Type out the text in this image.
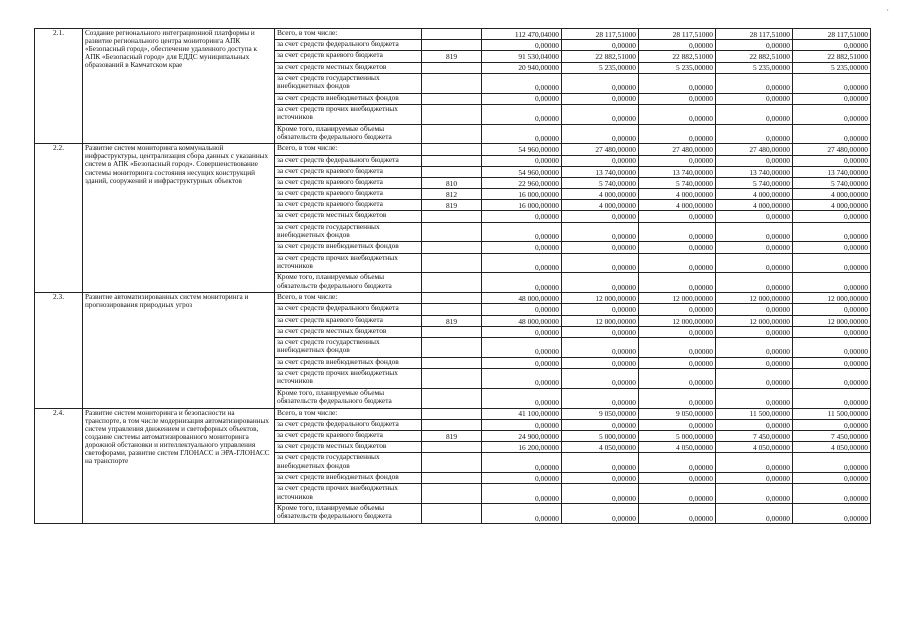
·
2.1.	Создание регионального интеграционной платформы и развитие регионального центра мониторинга АПК «Безопасный город», обеспечение удаленного доступа к АПК «Безопасный город» для ЕДДС муниципальных образований в Камчатском крае	Всего, в том числе:		112 470,04000	28 117,51000	28 117,51000	28 117,51000	28 117,51000
		за счет средств федерального бюджета		0,00000	0,00000	0,00000	0,00000	0,00000
		за счет средств краевого бюджета	819	91 530,04000	22 882,51000	22 882,51000	22 882,51000	22 882,51000
		за счет средств местных бюджетов		20 940,00000	5 235,00000	5 235,00000	5 235,00000	5 235,00000
		за счет средств государственных внебюджетных фондов		0,00000	0,00000	0,00000	0,00000	0,00000
		за счет средств внебюджетных фондов		0,00000	0,00000	0,00000	0,00000	0,00000
		за счет средств прочих внебюджетных источников		0,00000	0,00000	0,00000	0,00000	0,00000
		Кроме того, планируемые объемы обязательств федерального бюджета		0,00000	0,00000	0,00000	0,00000	0,00000
2.2.	Развитие систем мониторинга коммунальной инфраструктуры, централизация сбора данных с указанных систем в АПК «Безопасный город». Совершенствование системы мониторинга состояния несущих конструкций зданий, сооружений и инфраструктурных объектов	Всего, в том числе:		54 960,00000	27 480,00000	27 480,00000	27 480,00000	27 480,00000
		за счет средств федерального бюджета		0,00000	0,00000	0,00000	0,00000	0,00000
		за счет средств краевого бюджета		54 960,00000	13 740,00000	13 740,00000	13 740,00000	13 740,00000
		за счет средств краевого бюджета	810	22 960,00000	5 740,00000	5 740,00000	5 740,00000	5 740,00000
		за счет средств краевого бюджета	812	16 000,00000	4 000,00000	4 000,00000	4 000,00000	4 000,00000
		за счет средств краевого бюджета	819	16 000,00000	4 000,00000	4 000,00000	4 000,00000	4 000,00000
		за счет средств местных бюджетов		0,00000	0,00000	0,00000	0,00000	0,00000
		за счет средств государственных внебюджетных фондов		0,00000	0,00000	0,00000	0,00000	0,00000
		за счет средств внебюджетных фондов		0,00000	0,00000	0,00000	0,00000	0,00000
		за счет средств прочих внебюджетных источников		0,00000	0,00000	0,00000	0,00000	0,00000
		Кроме того, планируемые объемы обязательств федерального бюджета		0,00000	0,00000	0,00000	0,00000	0,00000
2.3.	Развитие автоматизированных систем мониторинга и прогнозирования природных угроз	Всего, в том числе:		48 000,00000	12 000,00000	12 000,00000	12 000,00000	12 000,00000
		за счет средств федерального бюджета		0,00000	0,00000	0,00000	0,00000	0,00000
		за счет средств краевого бюджета	819	48 000,00000	12 000,00000	12 000,00000	12 000,00000	12 000,00000
		за счет средств местных бюджетов		0,00000	0,00000	0,00000	0,00000	0,00000
		за счет средств государственных внебюджетных фондов		0,00000	0,00000	0,00000	0,00000	0,00000
		за счет средств внебюджетных фондов		0,00000	0,00000	0,00000	0,00000	0,00000
		за счет средств прочих внебюджетных источников		0,00000	0,00000	0,00000	0,00000	0,00000
		Кроме того, планируемые объемы обязательств федерального бюджета		0,00000	0,00000	0,00000	0,00000	0,00000
2.4.	Развитие систем мониторинга и безопасности на транспорте, в том числе модернизация автоматизированных систем управления движением и светофорных объектов, создание системы автоматизированного мониторинга дорожной обстановки и интеллектуального управления светофорами, развитие систем ГЛОНАСС и ЭРА-ГЛОНАСС на транспорте	Всего, в том числе:		41 100,00000	9 050,00000	9 050,00000	11 500,00000	11 500,00000
		за счет средств федерального бюджета		0,00000	0,00000	0,00000	0,00000	0,00000
		за счет средств краевого бюджета	819	24 900,00000	5 000,00000	5 000,00000	7 450,00000	7 450,00000
		за счет средств местных бюджетов		16 200,00000	4 050,00000	4 050,00000	4 050,00000	4 050,00000
		за счет средств государственных внебюджетных фондов		0,00000	0,00000	0,00000	0,00000	0,00000
		за счет средств внебюджетных фондов		0,00000	0,00000	0,00000	0,00000	0,00000
		за счет средств прочих внебюджетных источников		0,00000	0,00000	0,00000	0,00000	0,00000
		Кроме того, планируемые объемы обязательств федерального бюджета		0,00000	0,00000	0,00000	0,00000	0,00000
